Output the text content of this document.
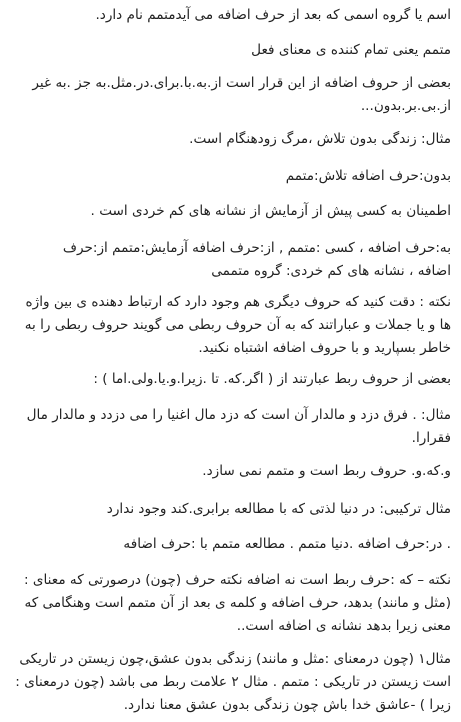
اسم یا گروه اسمی که بعد از حرف اضافه می آیدمتمم نام دارد.
متمم یعنی تمام کننده ی معنای فعل
بعضی از حروف اضافه از این قرار است از.به.با.برای.در.مثل.به جز .به غیر
از.بی.بر.بدون...
مثال: زندگی بدون تلاش ،مرگ زودهنگام است.
بدون:حرف اضافه تلاش:متمم
اطمینان به کسی پیش از آزمایش از نشانه های کم خردی است .
به:حرف اضافه ، کسی :متمم , از:حرف اضافه آزمایش:متمم از:حرف
اضافه ، نشانه های کم خردی: گروه متممی
نکته : دقت کنید که حروف دیگری هم وجود دارد که ارتباط دهنده ی بین واژه
ها و یا جملات و عباراتند که به آن حروف ربطی می گویند حروف ربطی را به
خاطر بسپارید و با حروف اضافه اشتباه نکنید.
بعضی از حروف ربط عبارتند از ( اگر.که. تا .زیرا.و.یا.ولی.اما ) :
مثال: . فرق دزد و مالدار آن است که دزد مال اغنیا را می دزدد و مالدار مال
فقرارا.
و.که.و. حروف ربط است و متمم نمی سازد.
مثال ترکیبی: در دنیا لذتی که با مطالعه برابری.کند وجود ندارد
. در:حرف اضافه .دنیا متمم . مطالعه متمم با :حرف اضافه
نکته – که :حرف ربط است نه اضافه نکته حرف (چون) درصورتی که معنای :
(مثل و مانند) بدهد، حرف اضافه و کلمه ی بعد از آن متمم است وهنگامی که
معنی زیرا بدهد نشانه ی اضافه است..
مثال۱ (چون درمعنای :مثل و مانند) زندگی بدون عشق،چون زیستن در تاریکی
است زیستن در تاریکی : متمم . مثال ۲ علامت ربط می باشد (چون درمعنای :
زیرا ) -عاشق خدا باش چون زندگی بدون عشق معنا ندارد.
